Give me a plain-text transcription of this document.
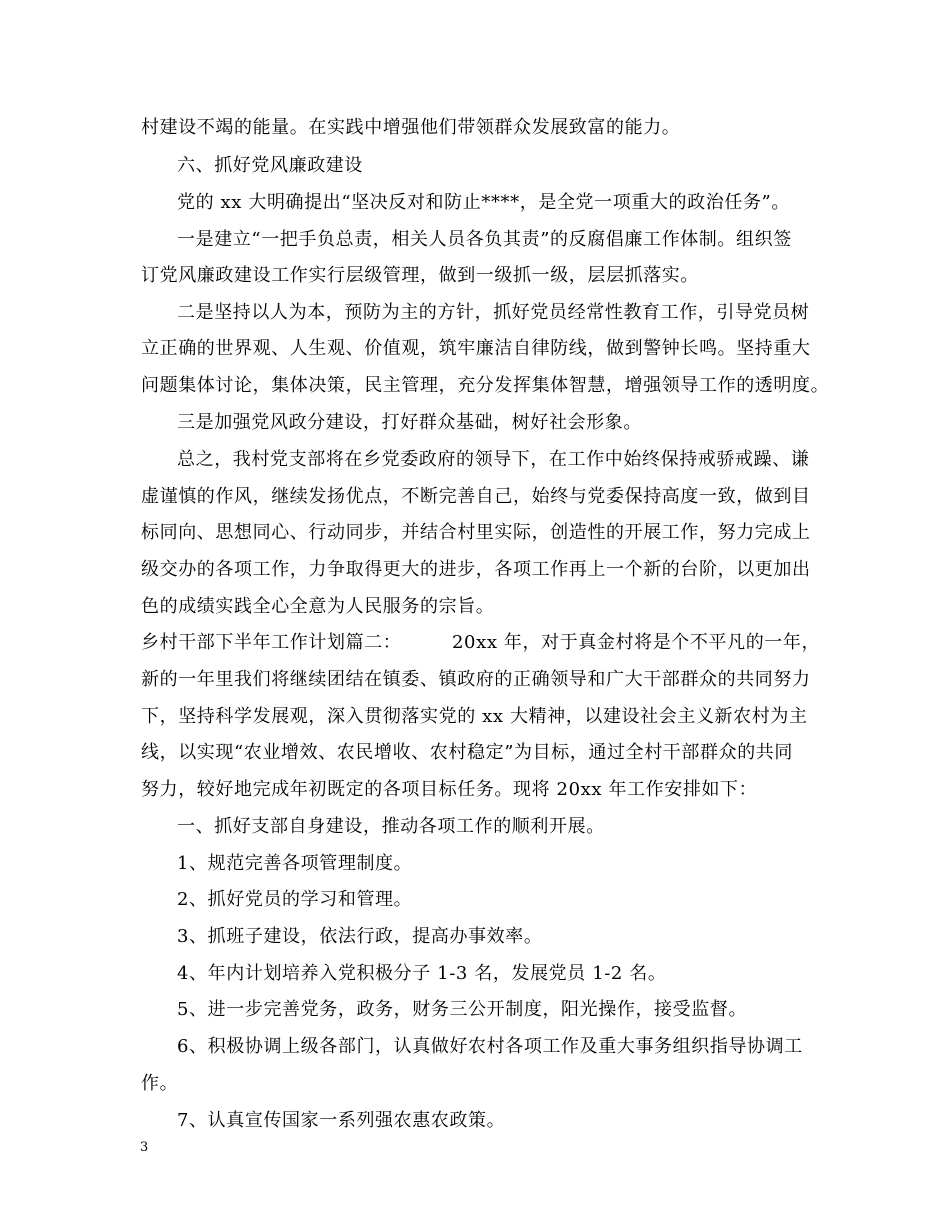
村建设不竭的能量。在实践中增强他们带领群众发展致富的能力。
六、抓好党风廉政建设
党的 xx 大明确提出“坚决反对和防止****，是全党一项重大的政治任务”。
一是建立“一把手负总责，相关人员各负其责”的反腐倡廉工作体制。组织签
订党风廉政建设工作实行层级管理，做到一级抓一级，层层抓落实。
二是坚持以人为本，预防为主的方针，抓好党员经常性教育工作，引导党员树
立正确的世界观、人生观、价值观，筑牢廉洁自律防线，做到警钟长鸣。坚持重大
问题集体讨论，集体决策，民主管理，充分发挥集体智慧，增强领导工作的透明度。
三是加强党风政分建设，打好群众基础，树好社会形象。
总之，我村党支部将在乡党委政府的领导下，在工作中始终保持戒骄戒躁、谦
虚谨慎的作风，继续发扬优点，不断完善自己，始终与党委保持高度一致，做到目
标同向、思想同心、行动同步，并结合村里实际，创造性的开展工作，努力完成上
级交办的各项工作，力争取得更大的进步，各项工作再上一个新的台阶，以更加出
色的成绩实践全心全意为人民服务的宗旨。
乡村干部下半年工作计划篇二：        20xx 年，对于真金村将是个不平凡的一年，
新的一年里我们将继续团结在镇委、镇政府的正确领导和广大干部群众的共同努力
下，坚持科学发展观，深入贯彻落实党的 xx 大精神，以建设社会主义新农村为主
线，以实现“农业增效、农民增收、农村稳定”为目标，通过全村干部群众的共同
努力，较好地完成年初既定的各项目标任务。现将 20xx 年工作安排如下：
一、抓好支部自身建设，推动各项工作的顺利开展。
1、规范完善各项管理制度。
2、抓好党员的学习和管理。
3、抓班子建设，依法行政，提高办事效率。
4、年内计划培养入党积极分子 1-3 名，发展党员 1-2 名。
5、进一步完善党务，政务，财务三公开制度，阳光操作，接受监督。
6、积极协调上级各部门，认真做好农村各项工作及重大事务组织指导协调工
作。
7、认真宣传国家一系列强农惠农政策。
3
